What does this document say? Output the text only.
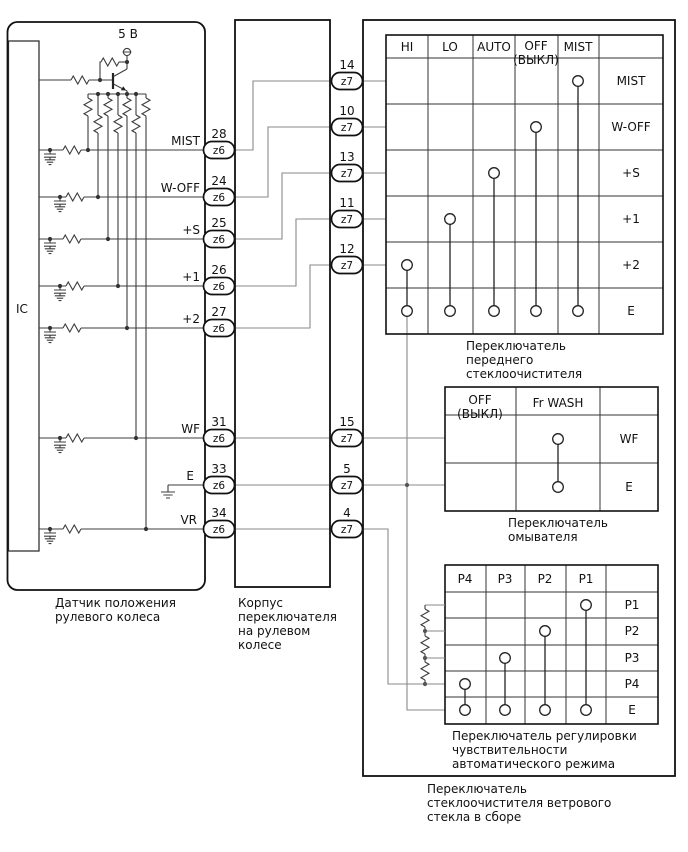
IC
5 В
MIST
W-OFF
+S
+1
+2
WF
E
VR
Датчик положения
рулевого колеса
Корпус
переключателя
на рулевом
колесе
Переключатель
стеклоочистителя ветрового
стекла в сборе
HI LO AUTO OFF
(ВЫКЛ)
MIST
MIST
W-OFF
+S
+1
+2
E
Переключатель
переднего
стеклоочистителя
OFF
(ВЫКЛ)
Fr WASH
WF
E
Переключатель
омывателя
P4 P3 P2 P1
P1
P2
P3
P4
E
Переключатель регулировки
чувствительности
автоматического режима
z6
28
z6
24
z6
25
z6
26
z6
27
z6
31
z6
33
z6
34
z7
14
z7
10
z7
13
z7
11
z7
12
z7
15
z7
5
z7
4
